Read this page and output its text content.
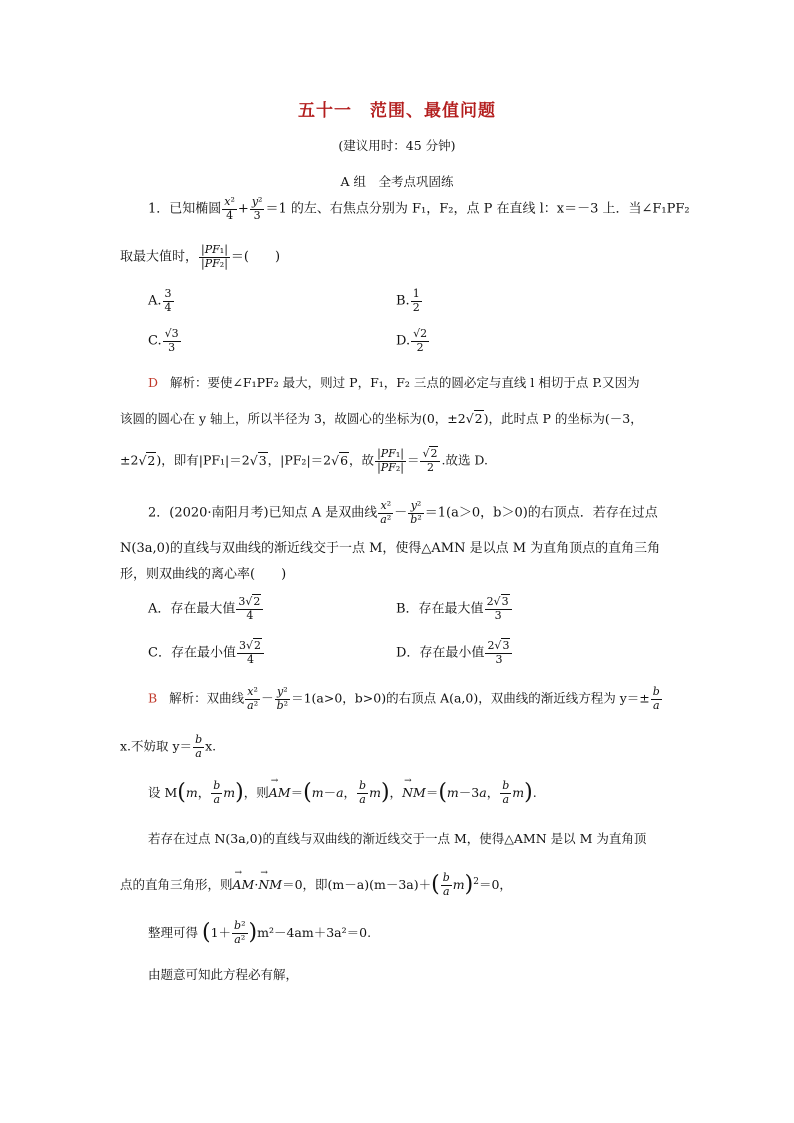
五十一　范围、最值问题
(建议用时：45 分钟)
A 组　全考点巩固练
1．已知椭圆 $\frac{\text{x²}}{4} + \frac{\text{y²}}{3} =1$ 的左、右焦点分别为 F₁，F₂，点 P 在直线 l：x＝－3 上．当∠F₁PF₂
取最大值时， $\frac{\text{|PF₁|}}{\text{|PF₂|}}$ ＝(　　)
A. $\frac{3}{4}$	B. $\frac{1}{2}$
C. $\frac{√3}{3}$	D. $\frac{√2}{2}$
D 解析：要使∠F₁PF₂ 最大，则过 P，F₁，F₂ 三点的圆必定与直线 l 相切于点 P.又因为
该圆的圆心在 y 轴上，所以半径为 3，故圆心的坐标为(0，±2√2)，此时点 P 的坐标为(－3，
±2√2)，即有|PF₁|＝2√3，|PF₂|＝2√6，故 $\frac{\text{|PF₁|}}{\text{|PF₂|}} = \frac{√2}{2}$ .故选 D.
2．(2020·南阳月考)已知点 A 是双曲线 $\frac{\text{x²}}{\text{a²}} - \frac{\text{y²}}{\text{b²}} =1(a>0$，b＞0)的右顶点．若存在过点
N(3a,0)的直线与双曲线的渐近线交于一点 M，使得△AMN 是以点 M 为直角顶点的直角三角
形，则双曲线的离心率(　　)
A．存在最大值 $\frac{3√2}{4}$	B．存在最大值 $\frac{2√3}{3}$
C．存在最小值 $\frac{3√2}{4}$	D．存在最小值 $\frac{2√3}{3}$
B 解析：双曲线 $\frac{\text{x²}}{\text{a²}} - \frac{\text{y²}}{\text{b²}} =1(a>0$，b>0)的右顶点 A(a,0)，双曲线的渐近线方程为 $y=\pm \frac{b}{a}$
x.不妨取 $y= \frac{b}{a} x$.
设 M(m， $\frac{b}{a} m$)，则→ AM＝(m－a， $\frac{b}{a} m$)，→ NM＝(m－3a， $\frac{b}{a} m$).
若存在过点 N(3a,0)的直线与双曲线的渐近线交于一点 M，使得△AMN 是以 M 为直角顶
点的直角三角形，则→ AM·→ NM＝0，即$(m-a)(m-3a)+( \frac{b}{a} m)^2=0$，
整理可得 $(1+ \frac{\text{b²}}{\text{a²}} )m^2-4am+3a^2=0$.
由题意可知此方程必有解，
